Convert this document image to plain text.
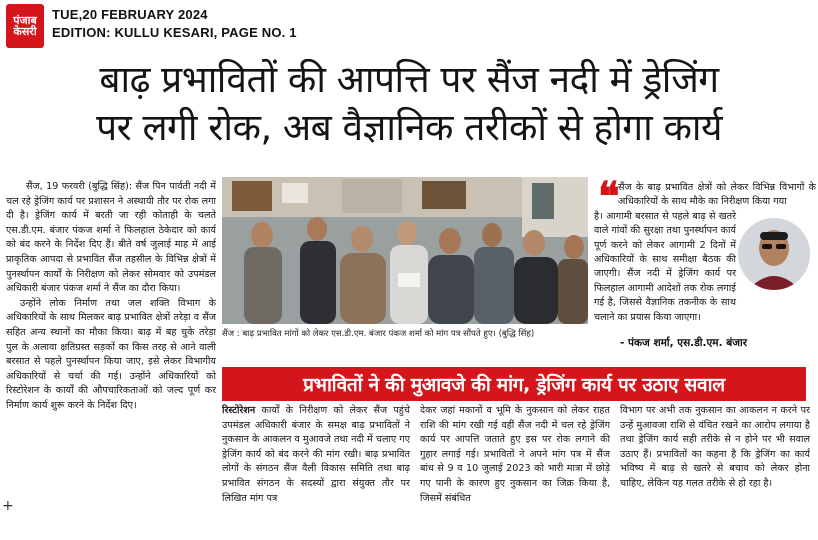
पंजाब
केसरी
TUE,20 FEBRUARY 2024
EDITION: KULLU KESARI, PAGE NO. 1
बाढ़ प्रभावितों की आपत्ति पर सैंज नदी में ड्रेजिंग
पर लगी रोक, अब वैज्ञानिक तरीकों से होगा कार्य

सैंज, 19 फरवरी (बुद्धि सिंह): सैंज पिन पार्वती नदी में चल रहे ड्रेजिंग कार्य पर प्रशासन ने अस्थायी तौर पर रोक लगा दी है। ड्रेजिंग कार्य में बरती जा रही कोताही के चलते एस.डी.एम. बंजार पंकज शर्मा ने फिलहाल ठेकेदार को कार्य को बंद करने के निर्देश दिए हैं। बीते वर्ष जुलाई माह में आई प्राकृतिक आपदा से प्रभावित सैंज तहसील के विभिन्न क्षेत्रों में पुनर्स्थापन कार्यों के निरीक्षण को लेकर सोमवार को उपमंडल अधिकारी बंजार पंकज शर्मा ने सैंज का दौरा किया।

उन्होंने लोक निर्माण तथा जल शक्ति विभाग के अधिकारियों के साथ मिलकर बाढ़ प्रभावित क्षेत्रों तरेड़ा व सैंज सहित अन्य स्थानों का मौका किया। बाढ़ में बह चुके तरेड़ा पुल के अलावा क्षतिग्रस्त सड़कों का किस तरह से आने वाली बरसात से पहले पुनर्स्थापन किया जाए, इसे लेकर विभागीय अधिकारियों से चर्चा की गई। उन्होंने अधिकारियों को रिस्टोरेशन के कार्यों की औपचारिकताओं को जल्द पूर्ण कर निर्माण कार्य शुरू करने के निर्देश दिए।

सैंज : बाढ़ प्रभावित मांगों को लेकर एस.डी.एम. बंजार पंकज शर्मा को मांग पत्र सौंपते हुए। (बुद्धि सिंह)
❝
सैंज के बाढ़ प्रभावित क्षेत्रों को लेकर विभिन्न विभागों के अधिकारियों के साथ मौके का निरीक्षण किया गया
है। आगामी बरसात से पहले बाढ़ से खतरे वाले गांवों की सुरक्षा तथा पुनर्स्थापन कार्य पूर्ण करने को लेकर आगामी 2 दिनों में अधिकारियों के साथ समीक्षा बैठक की जाएगी। सैंज नदी में ड्रेजिंग कार्य पर फिलहाल आगामी आदेशों तक रोक लगाई गई है, जिससे वैज्ञानिक तकनीक के साथ चलाने का प्रयास किया जाएगा।
- पंकज शर्मा, एस.डी.एम. बंजार
प्रभावितों ने की मुआवजे की मांग, ड्रेजिंग कार्य पर उठाए सवाल

रिस्टोरेशन कार्यों के निरीक्षण को लेकर सैंज पहुंचे उपमंडल अधिकारी बंजार के समक्ष बाढ़ प्रभावितों ने नुकसान के आकलन व मुआवजे तथा नदी में चलाए गए ड्रेजिंग कार्य को बंद करने की मांग रखी। बाढ़ प्रभावित लोगों के संगठन सैंज वैली विकास समिति तथा बाढ़ प्रभावित संगठन के सदस्यों द्वारा संयुक्त तौर पर लिखित मांग पत्र

देकर जहां मकानों व भूमि के नुकसान को लेकर राहत राशि की मांग रखी गई वहीं सैंज नदी में चल रहे ड्रेजिंग कार्य पर आपत्ति जताते हुए इस पर रोक लगाने की गुहार लगाई गई। प्रभावितों ने अपने मांग पत्र में सैंज बांध से 9 व 10 जुलाई 2023 को भारी मात्रा में छोड़े गए पानी के कारण हुए नुकसान का जिक्र किया है, जिसमें संबंधित

विभाग पर अभी तक नुकसान का आकलन न करने पर उन्हें मुआवजा राशि से वंचित रखने का आरोप लगाया है तथा ड्रेजिंग कार्य सही तरीके से न होने पर भी सवाल उठाए हैं। प्रभावितों का कहना है कि ड्रेजिंग का कार्य भविष्य में बाढ़ से खतरे से बचाव को लेकर होना चाहिए, लेकिन यह गलत तरीके से हो रहा है।

+
